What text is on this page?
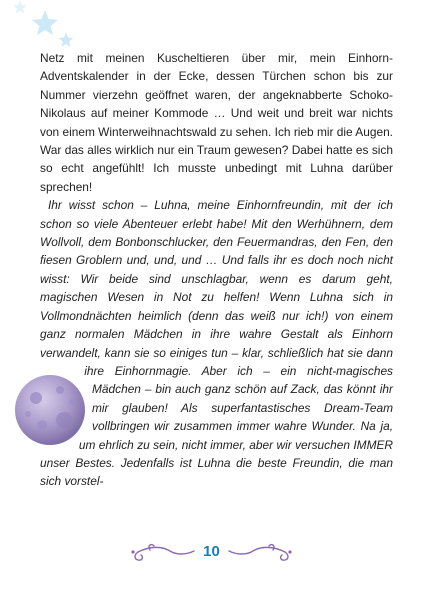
Netz mit meinen Kuscheltieren über mir, mein Einhorn-Adventskalender in der Ecke, dessen Türchen schon bis zur Nummer vierzehn geöffnet waren, der angeknabberte Schoko-Nikolaus auf meiner Kommode … Und weit und breit war nichts von einem Winterweihnachtswald zu sehen. Ich rieb mir die Augen. War das alles wirklich nur ein Traum gewesen? Dabei hatte es sich so echt angefühlt! Ich musste unbedingt mit Luhna darüber sprechen!

Ihr wisst schon – Luhna, meine Einhornfreundin, mit der ich schon so viele Abenteuer erlebt habe! Mit den Werhühnern, dem Wollvoll, dem Bonbonschlucker, den Feuermandras, den Fen, den fiesen Groblern und, und, und … Und falls ihr es doch noch nicht wisst: Wir beide sind unschlagbar, wenn es darum geht, magischen Wesen in Not zu helfen! Wenn Luhna sich in Vollmondnächten heimlich (denn das weiß nur ich!) von einem ganz normalen Mädchen in ihre wahre Gestalt als Einhorn verwandelt, kann sie so einiges tun – klar, schließlich hat sie dann ihre Einhornmagie. Aber ich – ein nicht-magisches Mädchen – bin auch ganz schön auf Zack, das könnt ihr mir glauben! Als superfantastisches Dream-Team vollbringen wir zusammen immer wahre Wunder. Na ja, um ehrlich zu sein, nicht immer, aber wir versuchen IMMER unser Bestes. Jedenfalls ist Luhna die beste Freundin, die man sich vorstel-

10
